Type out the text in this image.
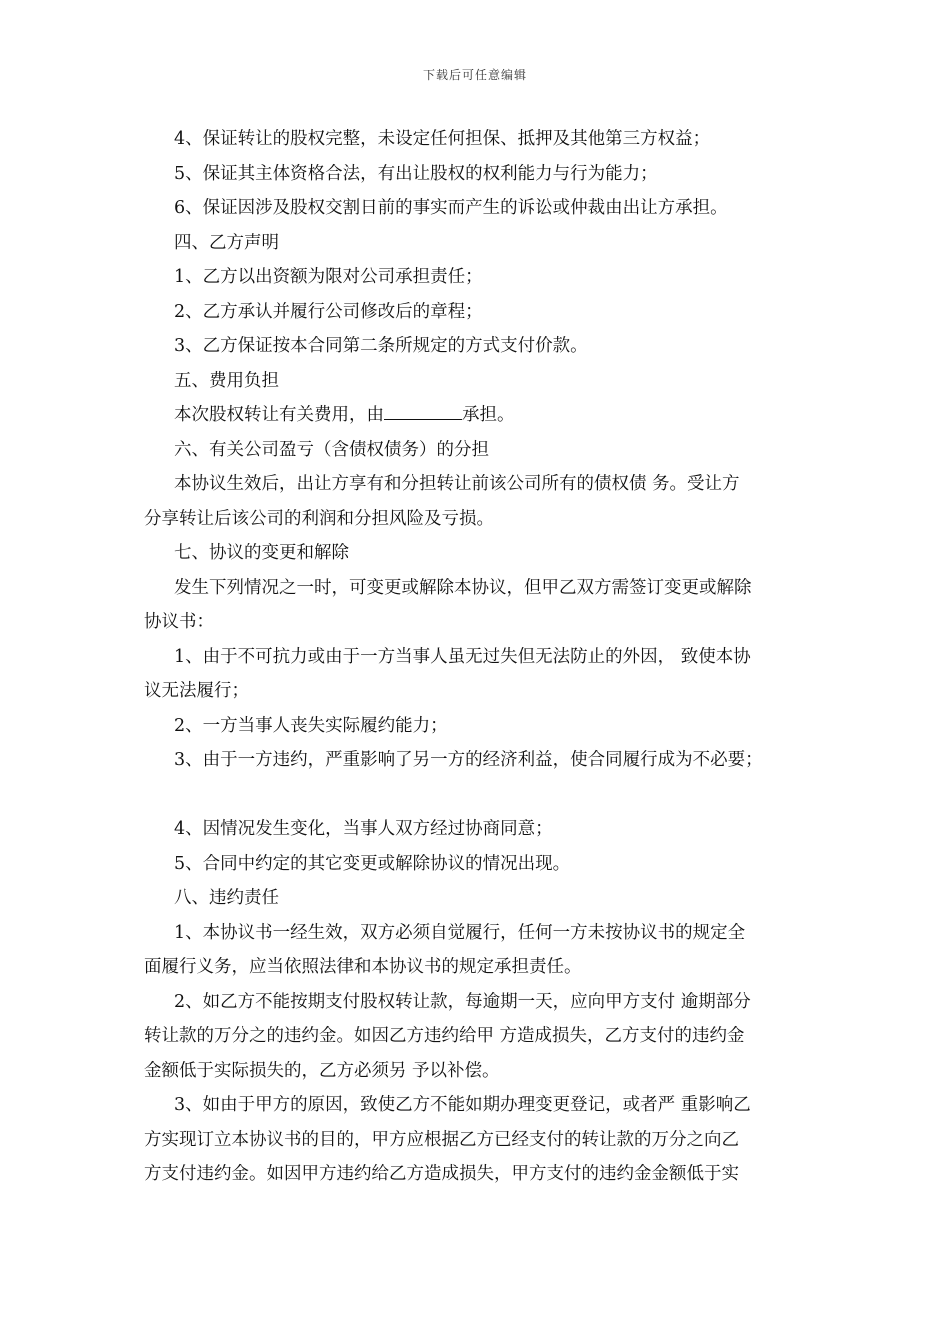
下载后可任意编辑
4、保证转让的股权完整，未设定任何担保、抵押及其他第三方权益；
5、保证其主体资格合法，有出让股权的权利能力与行为能力；
6、保证因涉及股权交割日前的事实而产生的诉讼或仲裁由出让方承担。
四、乙方声明
1、乙方以出资额为限对公司承担责任；
2、乙方承认并履行公司修改后的章程；
3、乙方保证按本合同第二条所规定的方式支付价款。
五、费用负担
本次股权转让有关费用，由	承担。
六、有关公司盈亏（含债权债务）的分担
本协议生效后，出让方享有和分担转让前该公司所有的债权债 务。受让方
分享转让后该公司的利润和分担风险及亏损。
七、协议的变更和解除
发生下列情况之一时，可变更或解除本协议，但甲乙双方需签订变更或解除
协议书：
1、由于不可抗力或由于一方当事人虽无过失但无法防止的外因， 致使本协
议无法履行；
2、一方当事人丧失实际履约能力；
3、由于一方违约，严重影响了另一方的经济利益，使合同履行成为不必要；
4、因情况发生变化，当事人双方经过协商同意；
5、合同中约定的其它变更或解除协议的情况出现。
八、违约责任
1、本协议书一经生效，双方必须自觉履行，任何一方未按协议书的规定全
面履行义务，应当依照法律和本协议书的规定承担责任。
2、如乙方不能按期支付股权转让款，每逾期一天，应向甲方支付 逾期部分
转让款的万分之的违约金。如因乙方违约给甲 方造成损失，乙方支付的违约金
金额低于实际损失的，乙方必须另 予以补偿。
3、如由于甲方的原因，致使乙方不能如期办理变更登记，或者严 重影响乙
方实现订立本协议书的目的，甲方应根据乙方已经支付的转让款的万分之向乙
方支付违约金。如因甲方违约给乙方造成损失，甲方支付的违约金金额低于实
